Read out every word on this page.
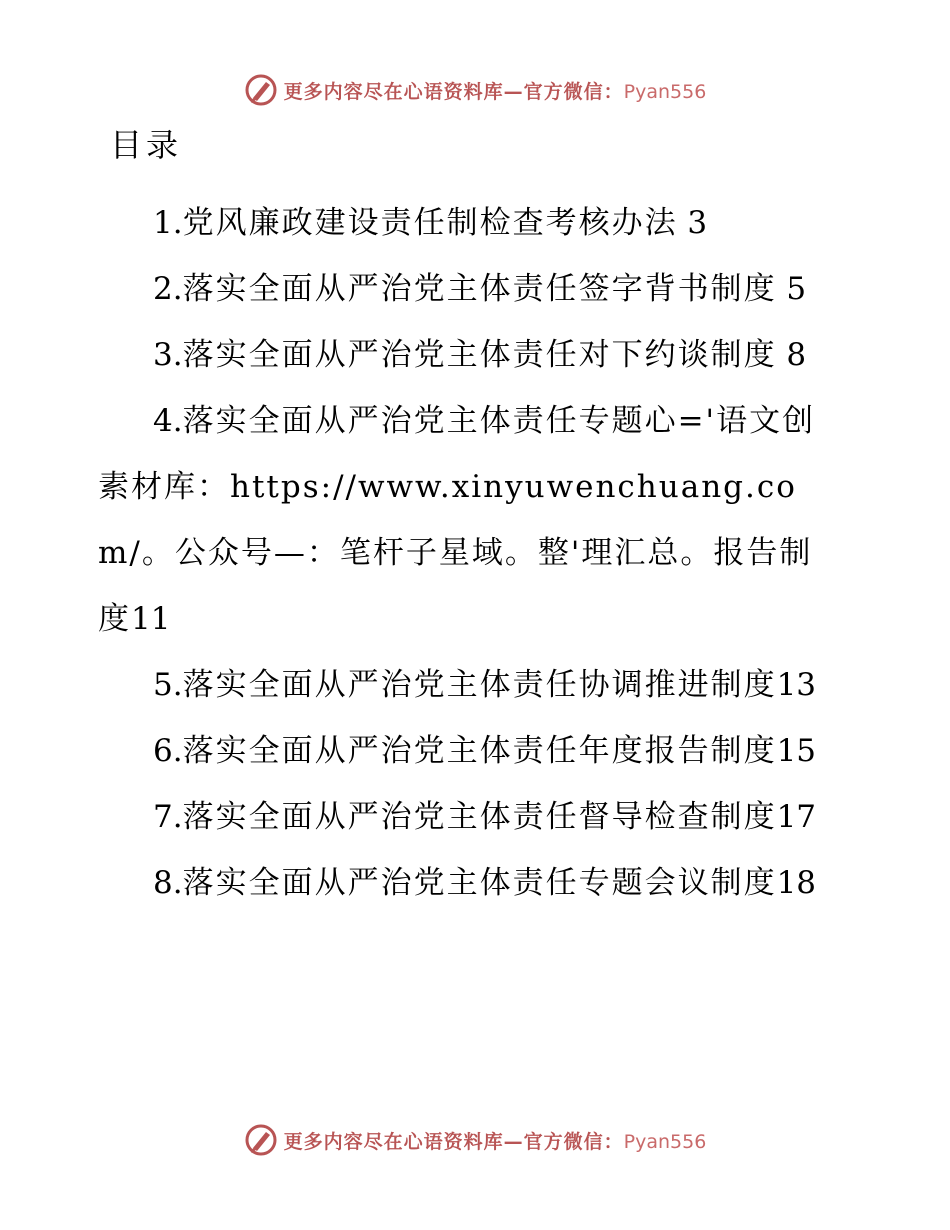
更多内容尽在心语资料库—官方微信：Pyan556
目录

1.党风廉政建设责任制检查考核办法 3

2.落实全面从严治党主体责任签字背书制度 5

3.落实全面从严治党主体责任对下约谈制度 8

4.落实全面从严治党主体责任专题心='语文创素材库：https://www.xinyuwenchuang.com/。公众号—：笔杆子星域。整'理汇总。报告制度11

5.落实全面从严治党主体责任协调推进制度13

6.落实全面从严治党主体责任年度报告制度15

7.落实全面从严治党主体责任督导检查制度17

8.落实全面从严治党主体责任专题会议制度18

更多内容尽在心语资料库—官方微信：Pyan556
